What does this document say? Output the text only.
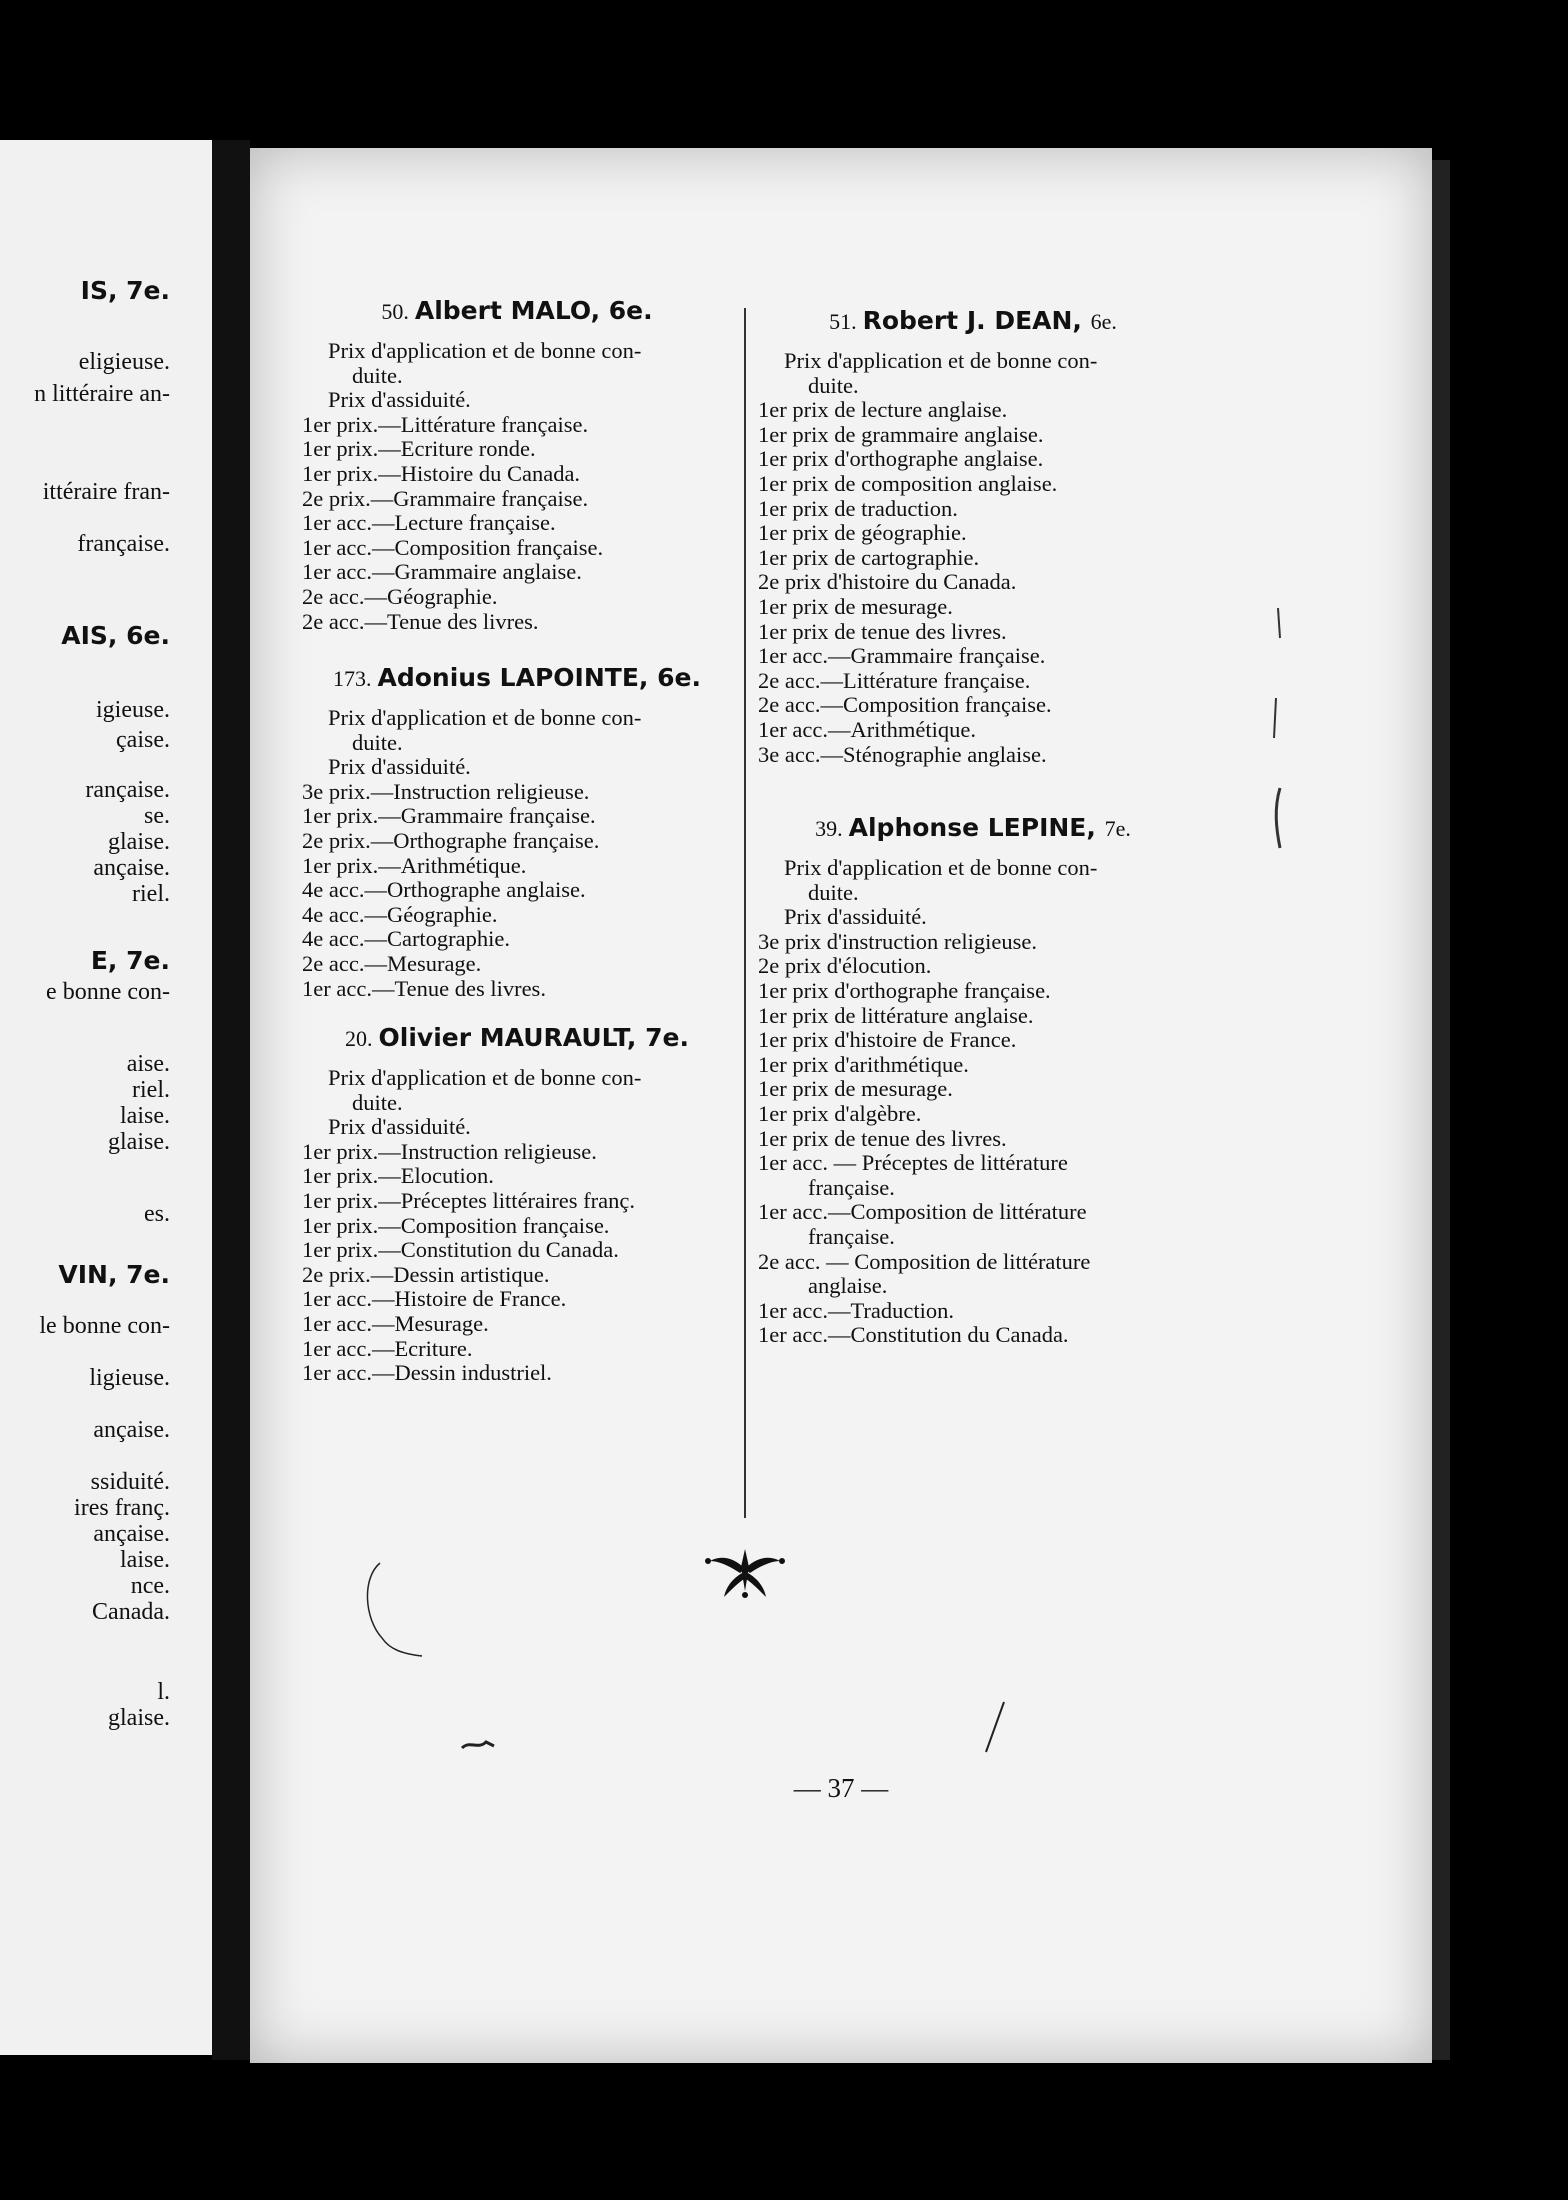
IS, 7e.
eligieuse.
n littéraire an-
ittéraire fran-
française.
AIS, 6e.
igieuse.
çaise.
rançaise.
se.
glaise.
ançaise.
riel.
E, 7e.
e bonne con-
aise.
riel.
laise.
glaise.
es.
VIN, 7e.
le bonne con-
ligieuse.
ançaise.
ssiduité.
ires franç.
ançaise.
laise.
nce.
Canada.
l.
glaise.
50. Albert MALO, 6e.
Prix d'application et de bonne con-
duite.
Prix d'assiduité.
1er prix.—Littérature française.
1er prix.—Ecriture ronde.
1er prix.—Histoire du Canada.
2e prix.—Grammaire française.
1er acc.—Lecture française.
1er acc.—Composition française.
1er acc.—Grammaire anglaise.
2e acc.—Géographie.
2e acc.—Tenue des livres.
173. Adonius LAPOINTE, 6e.
Prix d'application et de bonne con-
duite.
Prix d'assiduité.
3e prix.—Instruction religieuse.
1er prix.—Grammaire française.
2e prix.—Orthographe française.
1er prix.—Arithmétique.
4e acc.—Orthographe anglaise.
4e acc.—Géographie.
4e acc.—Cartographie.
2e acc.—Mesurage.
1er acc.—Tenue des livres.
20. Olivier MAURAULT, 7e.
Prix d'application et de bonne con-
duite.
Prix d'assiduité.
1er prix.—Instruction religieuse.
1er prix.—Elocution.
1er prix.—Préceptes littéraires franç.
1er prix.—Composition française.
1er prix.—Constitution du Canada.
2e prix.—Dessin artistique.
1er acc.—Histoire de France.
1er acc.—Mesurage.
1er acc.—Ecriture.
1er acc.—Dessin industriel.
51. Robert J. DEAN, 6e.
Prix d'application et de bonne con-
duite.
1er prix de lecture anglaise.
1er prix de grammaire anglaise.
1er prix d'orthographe anglaise.
1er prix de composition anglaise.
1er prix de traduction.
1er prix de géographie.
1er prix de cartographie.
2e prix d'histoire du Canada.
1er prix de mesurage.
1er prix de tenue des livres.
1er acc.—Grammaire française.
2e acc.—Littérature française.
2e acc.—Composition française.
1er acc.—Arithmétique.
3e acc.—Sténographie anglaise.
39. Alphonse LEPINE, 7e.
Prix d'application et de bonne con-
duite.
Prix d'assiduité.
3e prix d'instruction religieuse.
2e prix d'élocution.
1er prix d'orthographe française.
1er prix de littérature anglaise.
1er prix d'histoire de France.
1er prix d'arithmétique.
1er prix de mesurage.
1er prix d'algèbre.
1er prix de tenue des livres.
1er acc. — Préceptes de littérature
française.
1er acc.—Composition de littérature
française.
2e acc. — Composition de littérature
anglaise.
1er acc.—Traduction.
1er acc.—Constitution du Canada.
— 37 —
